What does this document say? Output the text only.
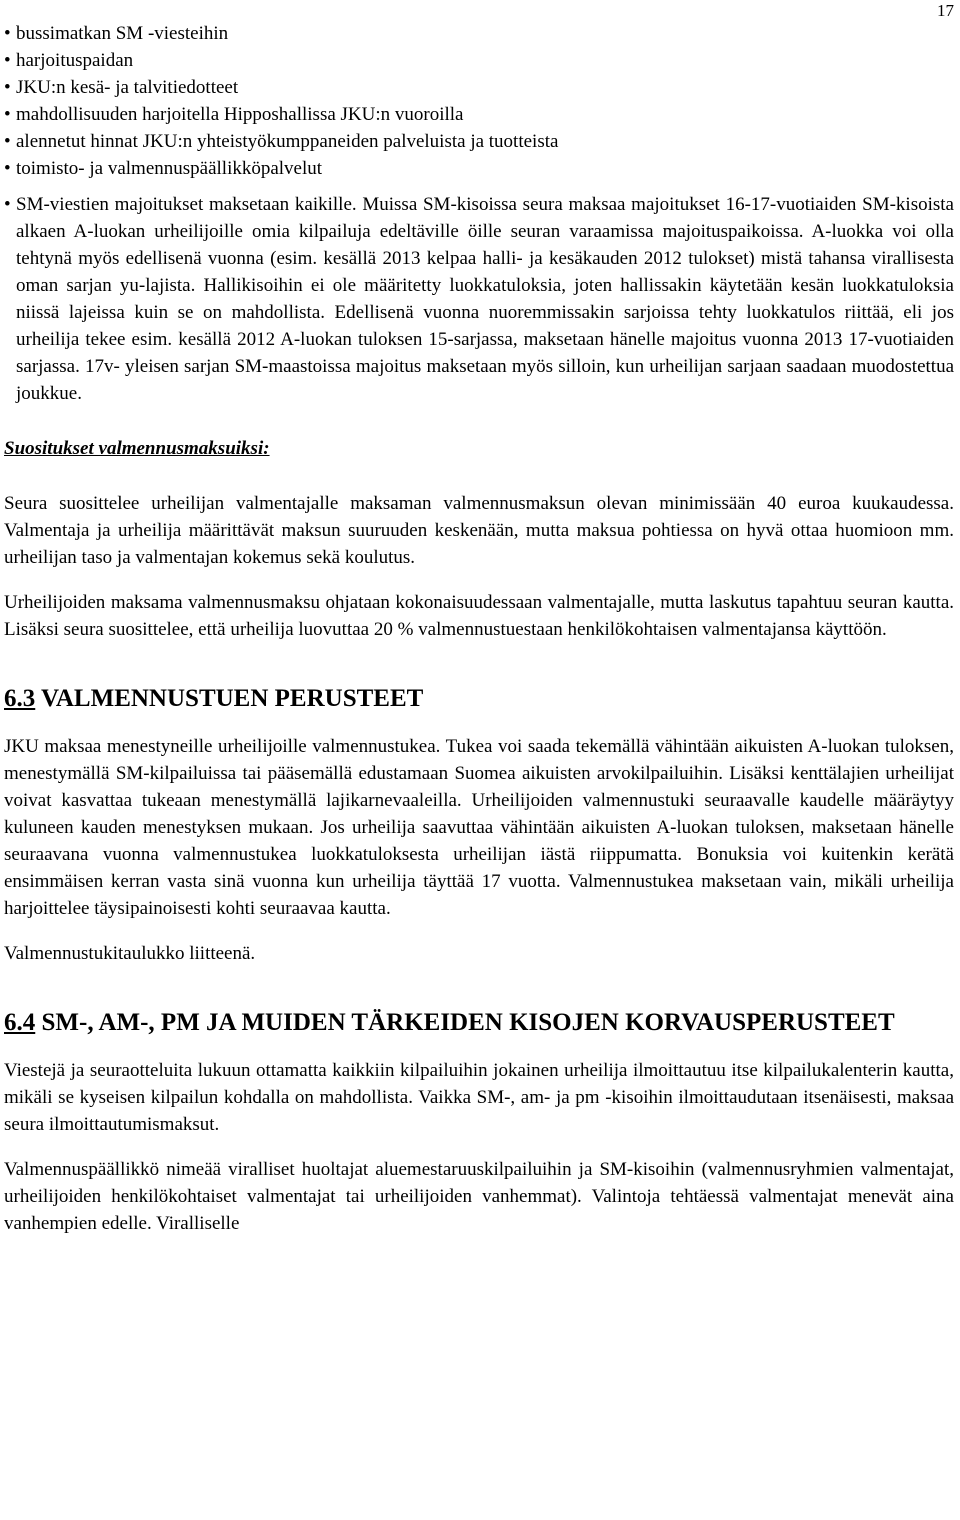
17
• bussimatkan SM -viesteihin
• harjoituspaidan
• JKU:n kesä- ja talvitiedotteet
• mahdollisuuden harjoitella Hipposhallissa JKU:n vuoroilla
• alennetut hinnat JKU:n yhteistyökumppaneiden palveluista ja tuotteista
• toimisto- ja valmennuspäällikköpalvelut
• SM-viestien majoitukset maksetaan kaikille. Muissa SM-kisoissa seura maksaa majoitukset 16-17-vuotiaiden SM-kisoista alkaen A-luokan urheilijoille omia kilpailuja edeltäville öille seuran varaamissa majoituspaikoissa. A-luokka voi olla tehtynä myös edellisenä vuonna (esim. kesällä 2013 kelpaa halli- ja kesäkauden 2012 tulokset) mistä tahansa virallisesta oman sarjan yu-lajista. Hallikisoihin ei ole määritetty luokkatuloksia, joten hallissakin käytetään kesän luokkatuloksia niissä lajeissa kuin se on mahdollista. Edellisenä vuonna nuoremmissakin sarjoissa tehty luokkatulos riittää, eli jos urheilija tekee esim. kesällä 2012 A-luokan tuloksen 15-sarjassa, maksetaan hänelle majoitus vuonna 2013 17-vuotiaiden sarjassa. 17v- yleisen sarjan SM-maastoissa majoitus maksetaan myös silloin, kun urheilijan sarjaan saadaan muodostettua joukkue.

Suositukset valmennusmaksuiksi:

Seura suosittelee urheilijan valmentajalle maksaman valmennusmaksun olevan minimissään 40 euroa kuukaudessa. Valmentaja ja urheilija määrittävät maksun suuruuden keskenään, mutta maksua pohtiessa on hyvä ottaa huomioon mm. urheilijan taso ja valmentajan kokemus sekä koulutus.

Urheilijoiden maksama valmennusmaksu ohjataan kokonaisuudessaan valmentajalle, mutta laskutus tapahtuu seuran kautta. Lisäksi seura suosittelee, että urheilija luovuttaa 20 % valmennustuestaan henkilökohtaisen valmentajansa käyttöön.

6.3 VALMENNUSTUEN PERUSTEET

JKU maksaa menestyneille urheilijoille valmennustukea. Tukea voi saada tekemällä vähintään aikuisten A-luokan tuloksen, menestymällä SM-kilpailuissa tai pääsemällä edustamaan Suomea aikuisten arvokilpailuihin. Lisäksi kenttälajien urheilijat voivat kasvattaa tukeaan menestymällä lajikarnevaaleilla. Urheilijoiden valmennustuki seuraavalle kaudelle määräytyy kuluneen kauden menestyksen mukaan. Jos urheilija saavuttaa vähintään aikuisten A-luokan tuloksen, maksetaan hänelle seuraavana vuonna valmennustukea luokkatuloksesta urheilijan iästä riippumatta. Bonuksia voi kuitenkin kerätä ensimmäisen kerran vasta sinä vuonna kun urheilija täyttää 17 vuotta. Valmennustukea maksetaan vain, mikäli urheilija harjoittelee täysipainoisesti kohti seuraavaa kautta.

Valmennustukitaulukko liitteenä.

6.4 SM-, AM-, PM JA MUIDEN TÄRKEIDEN KISOJEN KORVAUSPERUSTEET

Viestejä ja seuraotteluita lukuun ottamatta kaikkiin kilpailuihin jokainen urheilija ilmoittautuu itse kilpailukalenterin kautta, mikäli se kyseisen kilpailun kohdalla on mahdollista. Vaikka SM-, am- ja pm -kisoihin ilmoittaudutaan itsenäisesti, maksaa seura ilmoittautumismaksut.

Valmennuspäällikkö nimeää viralliset huoltajat aluemestaruuskilpailuihin ja SM-kisoihin (valmennusryhmien valmentajat, urheilijoiden henkilökohtaiset valmentajat tai urheilijoiden vanhemmat). Valintoja tehtäessä valmentajat menevät aina vanhempien edelle. Viralliselle
